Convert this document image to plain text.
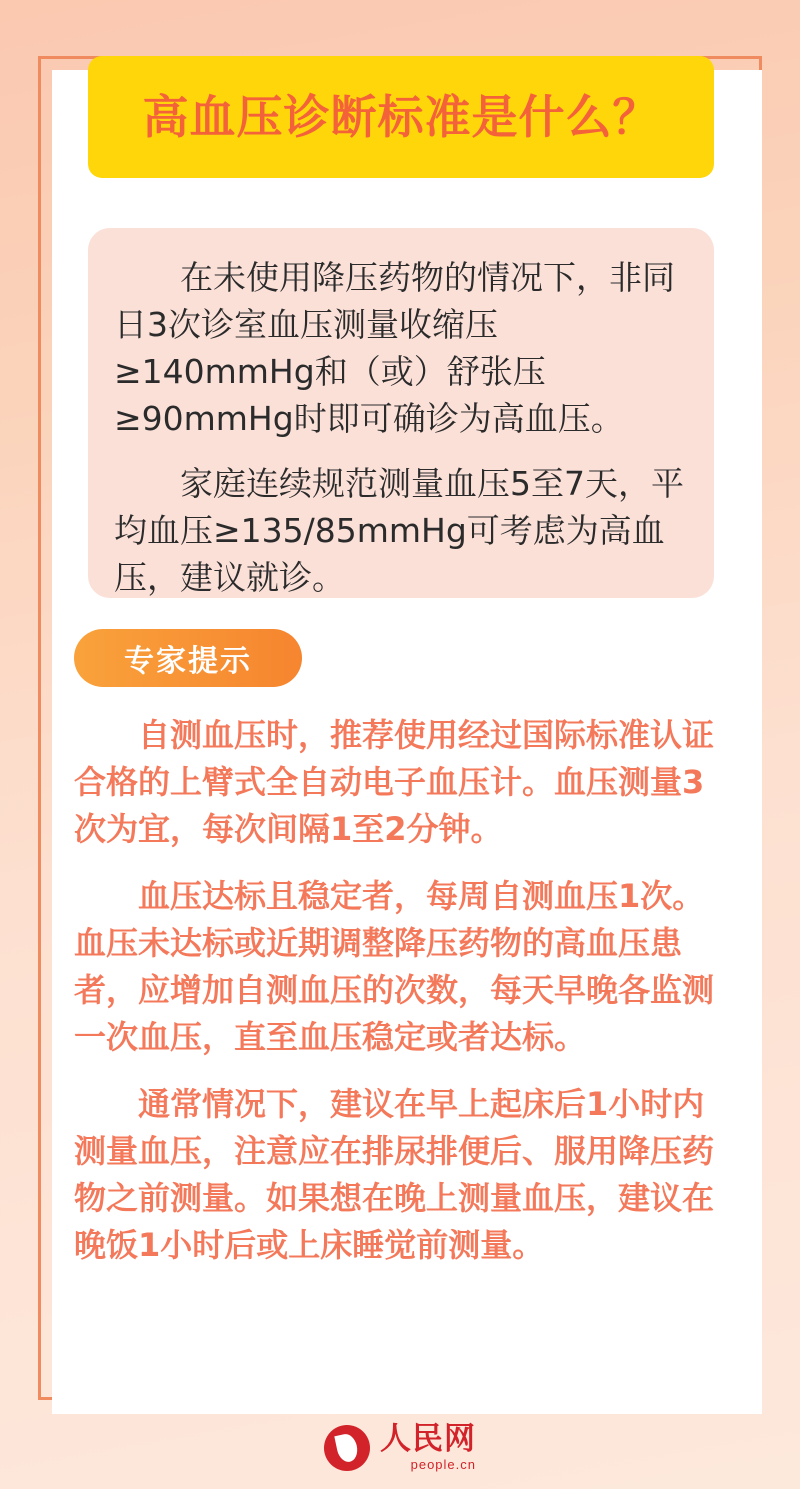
高血压诊断标准是什么？

在未使用降压药物的情况下，非同日3次诊室血压测量收缩压≥140mmHg和（或）舒张压≥90mmHg时即可确诊为高血压。

家庭连续规范测量血压5至7天，平均血压≥135/85mmHg可考虑为高血压，建议就诊。

专家提示

自测血压时，推荐使用经过国际标准认证合格的上臂式全自动电子血压计。血压测量3次为宜，每次间隔1至2分钟。

血压达标且稳定者，每周自测血压1次。血压未达标或近期调整降压药物的高血压患者，应增加自测血压的次数，每天早晚各监测一次血压，直至血压稳定或者达标。

通常情况下，建议在早上起床后1小时内测量血压，注意应在排尿排便后、服用降压药物之前测量。如果想在晚上测量血压，建议在晚饭1小时后或上床睡觉前测量。

人民网
people.cn
